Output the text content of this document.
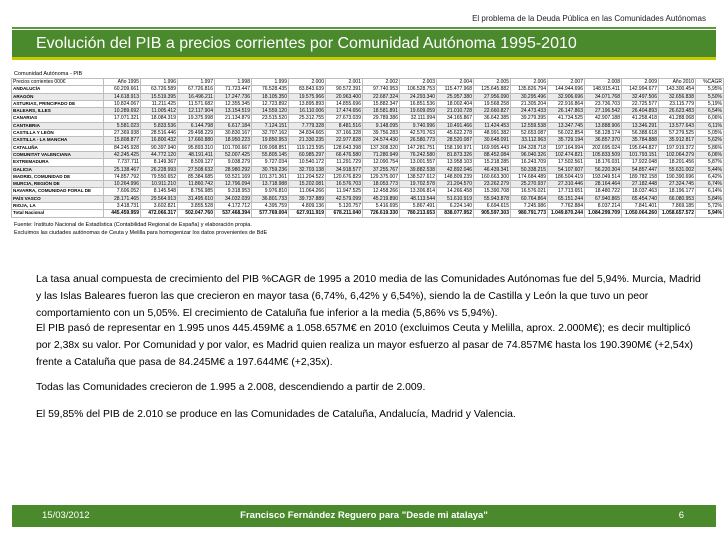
El problema de la Deuda Pública en las Comunidades Autónomas
Evolución del PIB a precios corrientes por Comunidad Autónoma 1995-2010
Comunidad Autónoma - PIB
Precios corrientes 000€	Año 1995	1.996	1.997	1.998	1.999	2.000	2.001	2.002	2.003	2.004	2.005	2.006	2.007	2.008	2.009	Año 2010	%CAGR
ANDALUCÍA	60.209.661	63.726.589	67.726.816	71.723.447	76.528.435	83.843.639	90.572.391	97.740.953	106.528.753	115.477.968	125.645.882	135.826.794	144.944.696	148.915.411	142.994.677	143.300.454	5,95%
ARAGÓN	14.618.913	15.519.395	16.496.211	17.247.736	18.105.350	19.575.966	20.963.400	22.687.324	24.293.340	25.957.380	27.956.090	30.295.496	32.906.696	34.071.768	32.497.506	32.656.838	5,50%
ASTURIAS, PRINCIPADO DE	10.824.067	11.211.425	11.571.682	12.355.345	12.723.892	13.895.893	14.855.696	15.882.347	16.851.536	18.002.404	19.568.258	21.305.204	22.916.864	23.736.703	22.725.577	23.115.779	5,19%
BALEARS, ILLES	10.289.692	11.005.412	12.117.904	13.154.519	14.559.120	16.110.006	17.474.656	18.581.891	19.609.059	21.010.728	22.660.827	24.473.433	26.147.863	27.196.542	26.404.893	26.623.483	6,54%
CANARIAS	17.071.321	18.084.319	19.375.998	21.134.879	23.515.520	25.312.755	27.673.039	29.789.386	32.111.994	34.165.867	36.642.385	39.279.395	41.734.525	42.907.188	41.258.418	41.288.068	6,06%
CANTABRIA	5.581.023	5.833.536	6.144.798	6.617.184	7.124.151	7.779.328	8.481.516	9.148.095	9.740.996	10.491.466	11.424.453	12.559.538	13.347.745	13.888.906	13.346.291	13.577.643	6,11%
CASTILLA Y LEÓN	27.369.938	28.516.446	29.498.229	30.830.167	32.707.162	34.834.665	37.166.328	39.756.283	42.570.763	45.622.278	48.991.382	52.653.087	56.022.854	58.128.174	56.388.618	57.279.525	5,05%
CASTILLA - LA MANCHA	15.808.877	16.800.432	17.660.880	18.950.223	19.850.953	21.330.235	22.977.828	24.574.430	26.580.773	28.520.087	30.648.091	33.112.963	35.729.194	36.857.370	35.784.888	35.912.817	5,62%
CATALUÑA	84.245.928	90.397.940	95.893.310	101.700.667	109.998.851	119.123.595	128.643.398	137.308.320	147.281.751	158.190.971	169.995.443	184.328.718	197.164.994	202.695.024	195.644.827	197.919.372	5,86%
COMUNITAT VALENCIANA	42.245.425	44.772.120	48.191.411	52.007.425	55.805.145	60.985.297	66.476.580	71.280.949	76.242.580	81.873.326	88.452.084	96.040.326	102.474.821	105.833.509	101.793.151	102.064.279	6,06%
EXTREMADURA	7.737.711	8.149.367	8.509.127	9.038.279	9.727.034	10.540.172	11.291.729	12.090.754	13.001.557	13.958.103	15.218.285	16.243.709	17.502.561	18.176.031	17.922.048	18.201.456	5,87%
GALICIA	25.138.467	26.228.993	27.508.632	28.980.292	30.759.236	32.703.138	34.918.577	37.255.767	39.882.538	42.892.046	46.439.341	50.338.215	54.107.607	56.220.304	54.857.447	55.631.002	5,44%
MADRID, COMUNIDAD DE	74.857.792	79.550.652	85.384.685	93.521.169	101.371.361	111.204.522	120.676.829	129.375.007	138.527.612	148.809.239	160.663.300	174.684.489	186.504.419	193.049.514	189.782.158	190.390.696	6,42%
MURCIA, REGIÓN DE	10.264.996	10.911.210	11.860.742	12.796.094	13.718.988	15.202.081	16.576.703	18.053.773	19.702.578	21.204.570	23.262.279	25.270.937	27.310.446	28.164.464	27.182.448	27.324.745	6,74%
NAVARRA, COMUNIDAD FORAL DE	7.606.052	8.145.548	8.756.985	9.318.953	9.976.810	11.064.266	11.947.525	12.458.266	13.306.814	14.266.458	15.390.708	16.576.021	17.713.651	18.480.722	18.037.463	18.196.177	6,14%
PAÍS VASCO	28.171.465	29.564.913	31.495.610	34.032.039	36.801.733	39.737.889	42.579.099	45.219.890	48.113.544	51.610.919	55.943.878	60.764.864	65.151.244	67.940.865	65.454.740	66.080.953	5,84%
RIOJA, LA	3.418.731	3.602.821	3.855.528	4.172.712	4.395.759	4.809.136	5.120.757	5.416.695	5.867.491	6.224.140	6.694.615	7.245.986	7.762.884	8.037.214	7.841.401	7.869.185	5,72%
Total Nacional	445.459.959	472.066.317	502.047.760	537.468.394	577.769.004	627.911.919	678.211.040	726.619.330	780.213.653	838.077.952	905.597.303	980.791.773	1.049.870.244	1.084.299.709	1.050.064.260	1.058.657.572	5,94%
Fuente: Instituto Nacional de Estadística (Contabilidad Regional de España) y elaboración propia.
Excluimos las ciudades autónomas de Ceuta y Melilla para homogenizar los datos provenientes de BdE
La tasa anual compuesta de crecimiento del PIB %CAGR de 1995 a 2010 media de las Comunidades Autónomas fue del 5,94%. Murcia, Madrid y las Islas Baleares fueron las que crecieron en mayor tasa (6,74%, 6,42% y 6,54%), siendo la de Castilla y León la que tuvo un peor comportamiento con un 5,05%. El crecimiento de Cataluña fue inferior a la media (5,86% vs 5,94%).
El PIB pasó de representar en 1.995 unos 445.459M€ a 1.058.657M€ en 2010 (excluimos Ceuta y Melilla, aprox. 2.000M€); es decir multiplicó por 2,38x su valor. Por Comunidad y por valor, es Madrid quien realiza un mayor esfuerzo al pasar de 74.857M€ hasta los 190.390M€ (+2,54x) frente a Cataluña que pasa de 84.245M€ a 197.644M€ (+2,35x).
Todas las Comunidades crecieron de 1.995 a 2.008, descendiendo a partir de 2.009.
El 59,85% del PIB de 2.010 se produce en las Comunidades de Cataluña, Andalucía, Madrid y Valencia.
15/03/2012	Francisco Fernández Reguero para "Desde mi atalaya"	6
